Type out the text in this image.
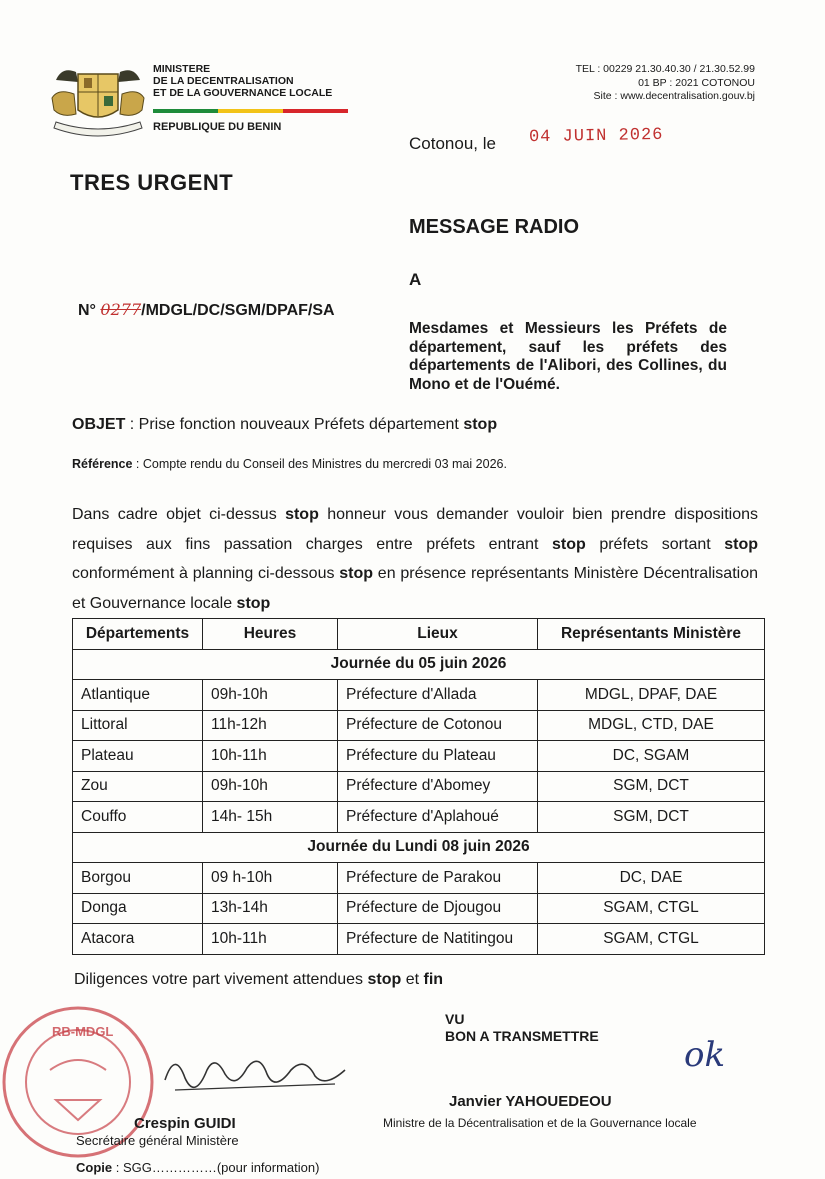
MINISTERE
DE LA DECENTRALISATION
ET DE LA GOUVERNANCE LOCALE
REPUBLIQUE DU BENIN
TEL : 00229 21.30.40.30 / 21.30.52.99
01 BP : 2021 COTONOU
Site : www.decentralisation.gouv.bj
Cotonou, le 04 JUIN 2026
TRES URGENT
MESSAGE RADIO
A
N° 0277/MDGL/DC/SGM/DPAF/SA
Mesdames et Messieurs les Préfets de département, sauf les préfets des départements de l'Alibori, des Collines, du Mono et de l'Ouémé.
OBJET : Prise fonction nouveaux Préfets département stop
Référence : Compte rendu du Conseil des Ministres du mercredi 03 mai 2026.
Dans cadre objet ci-dessus stop honneur vous demander vouloir bien prendre dispositions requises aux fins passation charges entre préfets entrant stop préfets sortant stop conformément à planning ci-dessous stop en présence représentants Ministère Décentralisation et Gouvernance locale stop
Départements	Heures	Lieux	Représentants Ministère
Journée du 05 juin 2026			
Atlantique	09h-10h	Préfecture d'Allada	MDGL, DPAF, DAE
Littoral	11h-12h	Préfecture de Cotonou	MDGL, CTD, DAE
Plateau	10h-11h	Préfecture du Plateau	DC, SGAM
Zou	09h-10h	Préfecture d'Abomey	SGM, DCT
Couffo	14h- 15h	Préfecture d'Aplahoué	SGM, DCT
Journée du Lundi 08 juin 2026			
Borgou	09 h-10h	Préfecture de Parakou	DC, DAE
Donga	13h-14h	Préfecture de Djougou	SGAM, CTGL
Atacora	10h-11h	Préfecture de Natitingou	SGAM, CTGL
Diligences votre part vivement attendues stop et fin
VU
BON A TRANSMETTRE	ok
RB-MDGL
Crespin GUIDI
Secrétaire général Ministère
Copie : SGG……………(pour information)
Janvier YAHOUEDEOU
Ministre de la Décentralisation et de la Gouvernance locale
